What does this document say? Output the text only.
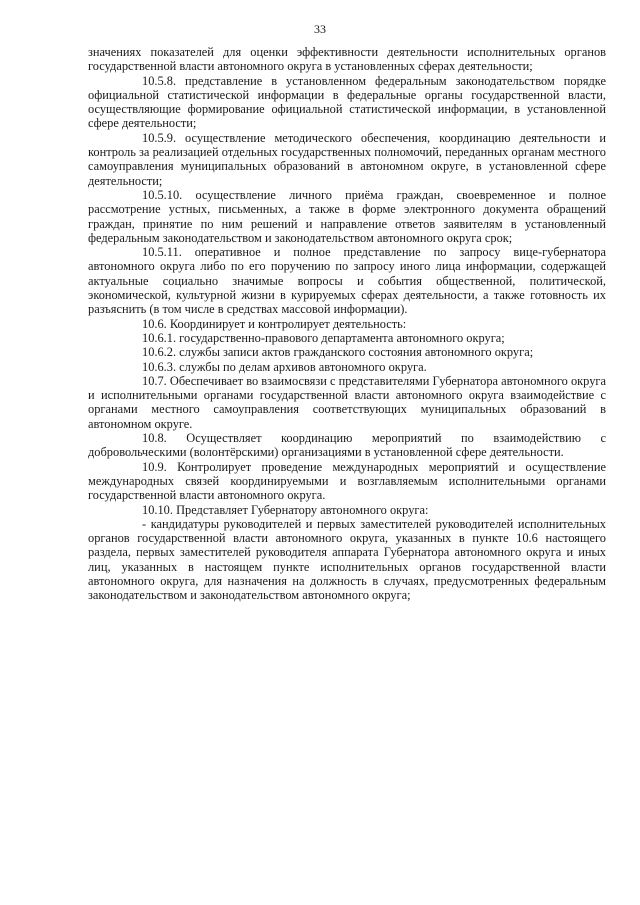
33

значениях показателей для оценки эффективности деятельности исполнительных органов государственной власти автономного округа в установленных сферах деятельности;

10.5.8. представление в установленном федеральным законодательством порядке официальной статистической информации в федеральные органы государственной власти, осуществляющие формирование официальной статистической информации, в установленной сфере деятельности;

10.5.9. осуществление методического обеспечения, координацию деятельности и контроль за реализацией отдельных государственных полномочий, переданных органам местного самоуправления муниципальных образований в автономном округе, в установленной сфере деятельности;

10.5.10. осуществление личного приёма граждан, своевременное и полное рассмотрение устных, письменных, а также в форме электронного документа обращений граждан, принятие по ним решений и направление ответов заявителям в установленный федеральным законодательством и законодательством автономного округа срок;

10.5.11. оперативное и полное представление по запросу вице-губернатора автономного округа либо по его поручению по запросу иного лица информации, содержащей актуальные социально значимые вопросы и события общественной, политической, экономической, культурной жизни в курируемых сферах деятельности, а также готовность их разъяснить (в том числе в средствах массовой информации).

10.6. Координирует и контролирует деятельность:

10.6.1. государственно-правового департамента автономного округа;

10.6.2. службы записи актов гражданского состояния автономного округа;

10.6.3. службы по делам архивов автономного округа.

10.7. Обеспечивает во взаимосвязи с представителями Губернатора автономного округа и исполнительными органами государственной власти автономного округа взаимодействие с органами местного самоуправления соответствующих муниципальных образований в автономном округе.

10.8. Осуществляет координацию мероприятий по взаимодействию с добровольческими (волонтёрскими) организациями в установленной сфере деятельности.

10.9. Контролирует проведение международных мероприятий и осуществление международных связей координируемыми и возглавляемым исполнительными органами государственной власти автономного округа.

10.10. Представляет Губернатору автономного округа:

- кандидатуры руководителей и первых заместителей руководителей исполнительных органов государственной власти автономного округа, указанных в пункте 10.6 настоящего раздела, первых заместителей руководителя аппарата Губернатора автономного округа и иных лиц, указанных в настоящем пункте исполнительных органов государственной власти автономного округа, для назначения на должность в случаях, предусмотренных федеральным законодательством и законодательством автономного округа;
